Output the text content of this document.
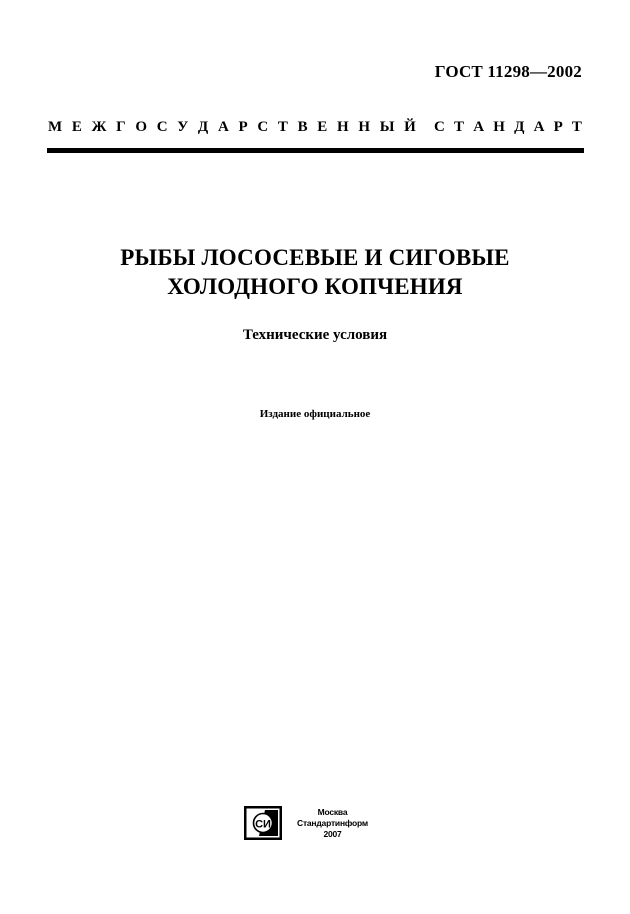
ГОСТ 11298—2002
М Е Ж Г О С У Д А Р С Т В Е Н Н Ы Й С Т А Н Д А Р Т
РЫБЫ ЛОСОСЕВЫЕ И СИГОВЫЕ
ХОЛОДНОГО КОПЧЕНИЯ
Технические условия
Издание официальное
СИ
Москва
Стандартинформ
2007
